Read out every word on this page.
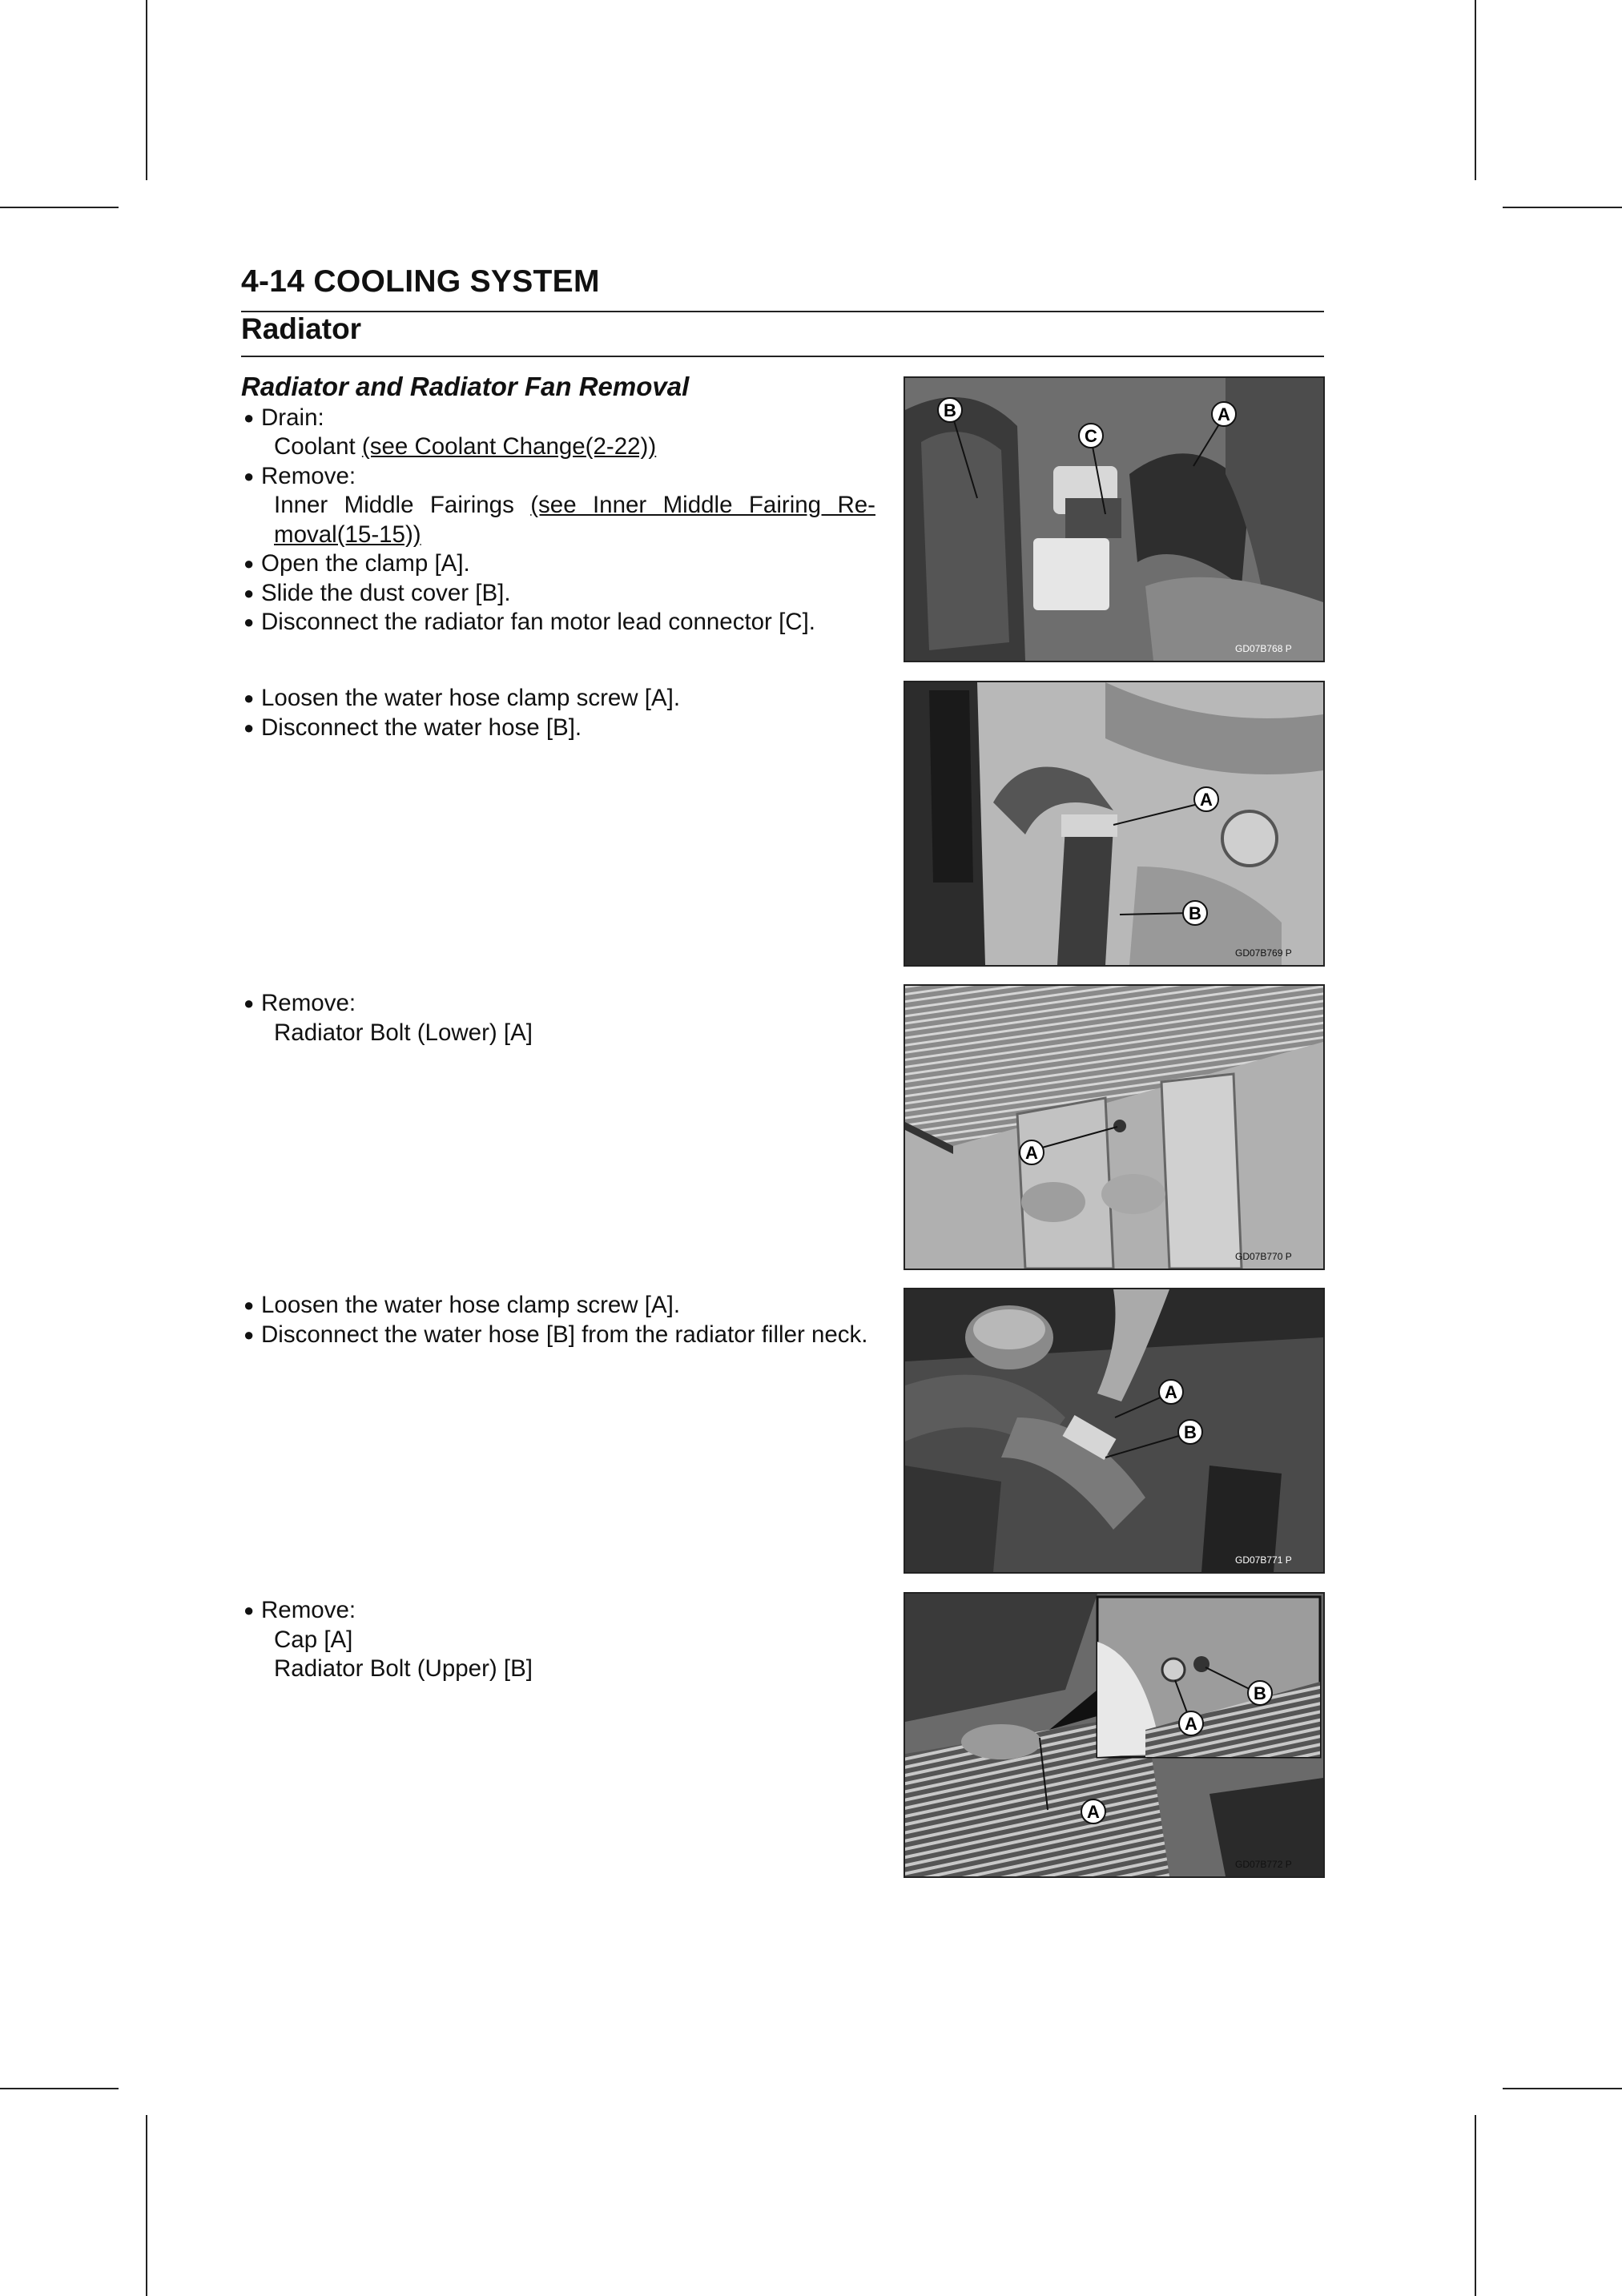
4-14 COOLING SYSTEM
Radiator
Radiator and Radiator Fan Removal
● Drain:
Coolant (see Coolant Change(2-22))
● Remove:
Inner Middle Fairings (see Inner Middle Fairing Re-
moval(15-15))
● Open the clamp [A].
● Slide the dust cover [B].
● Disconnect the radiator fan motor lead connector [C].
● Loosen the water hose clamp screw [A].
● Disconnect the water hose [B].
● Remove:
Radiator Bolt (Lower) [A]
● Loosen the water hose clamp screw [A].
● Disconnect the water hose [B] from the radiator filler neck.
● Remove:
Cap [A]
Radiator Bolt (Upper) [B]
B
C
A
GD07B768 P
A
B
GD07B769 P
A
GD07B770 P
A
B
GD07B771 P
A
A
B
GD07B772 P
